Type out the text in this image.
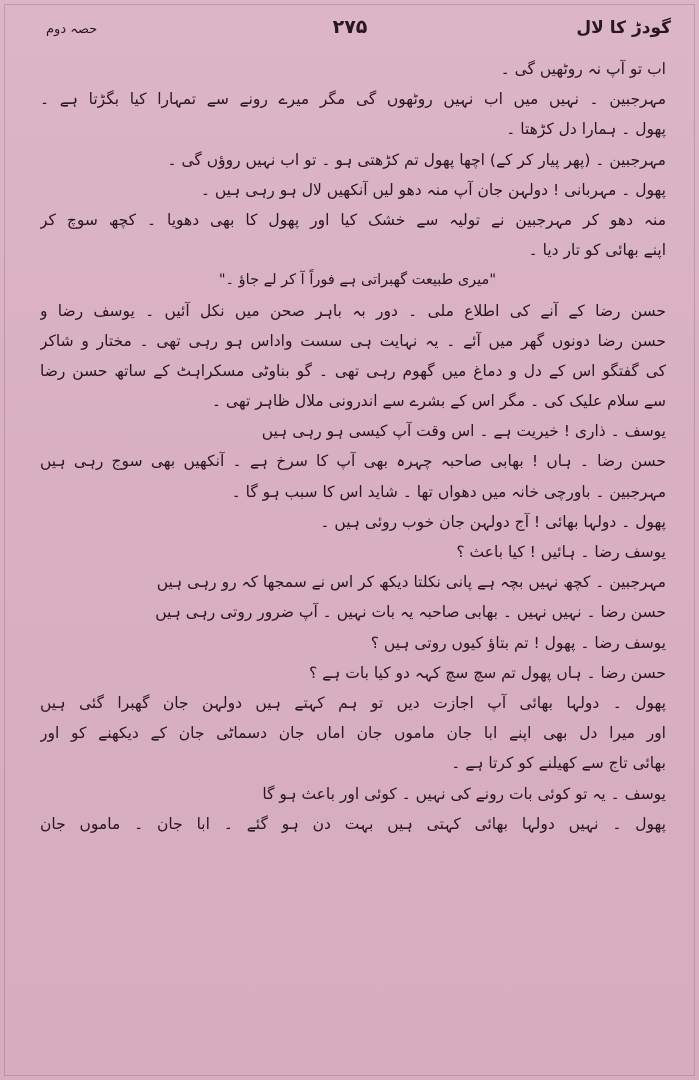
گودڑ کا لال
۲۷۵
حصہ دوم
اب تو آپ نہ روٹھیں گی ۔
مہرجبین ۔ نہیں میں اب نہیں روٹھوں گی مگر میرے رونے سے تمہارا کیا بگڑتا ہے ۔
پھول ۔ ہمارا دل کڑھتا ۔
مہرجبین ۔ (پھر پیار کر کے) اچھا پھول تم کڑھتی ہو ۔ تو اب نہیں روؤں گی ۔
پھول ۔ مہربانی ! دولہن جان آپ منہ دھو لیں آنکھیں لال ہو رہی ہیں ۔
منہ دھو کر مہرجبین نے تولیہ سے خشک کیا اور پھول کا بھی دھویا ۔ کچھ سوچ کر
اپنے بھائی کو تار دیا ۔
"میری طبیعت گھبراتی ہے فوراً آ کر لے جاؤ ۔"
حسن رضا کے آنے کی اطلاع ملی ۔ دور بہ باہر صحن میں نکل آئیں ۔ یوسف رضا و
حسن رضا دونوں گھر میں آئے ۔ یہ نہایت ہی سست واداس ہو رہی تھی ۔ مختار و شاکر
کی گفتگو اس کے دل و دماغ میں گھوم رہی تھی ۔ گو بناوٹی مسکراہٹ کے ساتھ حسن رضا
سے سلام علیک کی ۔ مگر اس کے بشرے سے اندرونی ملال ظاہر تھی ۔
یوسف ۔ ذاری ! خیریت ہے ۔ اس وقت آپ کیسی ہو رہی ہیں
حسن رضا ۔ ہاں ! بھابی صاحبہ چہرہ بھی آپ کا سرخ ہے ۔ آنکھیں بھی سوج رہی ہیں
مہرجبین ۔ باورچی خانہ میں دھواں تھا ۔ شاید اس کا سبب ہو گا ۔
پھول ۔ دولہا بھائی ! آج دولہن جان خوب روئی ہیں ۔
یوسف رضا ۔ ہائیں ! کیا باعث ؟
مہرجبین ۔ کچھ نہیں بچہ ہے پانی نکلتا دیکھ کر اس نے سمجھا کہ رو رہی ہیں
حسن رضا ۔ نہیں نہیں ۔ بھابی صاحبہ یہ بات نہیں ۔ آپ ضرور روتی رہی ہیں
یوسف رضا ۔ پھول ! تم بتاؤ کیوں روتی ہیں ؟
حسن رضا ۔ ہاں پھول تم سچ سچ کہہ دو کیا بات ہے ؟
پھول ۔ دولہا بھائی آپ اجازت دیں تو ہم کہتے ہیں دولہن جان گھبرا گئی ہیں
اور میرا دل بھی اپنے ابا جان ماموں جان اماں جان دسماٹی جان کے دیکھنے کو اور
بھائی تاج سے کھیلنے کو کرتا ہے ۔
یوسف ۔ یہ تو کوئی بات رونے کی نہیں ۔ کوئی اور باعث ہو گا
پھول ۔ نہیں دولہا بھائی کہتی ہیں بہت دن ہو گئے ۔ ابا جان ۔ ماموں جان
